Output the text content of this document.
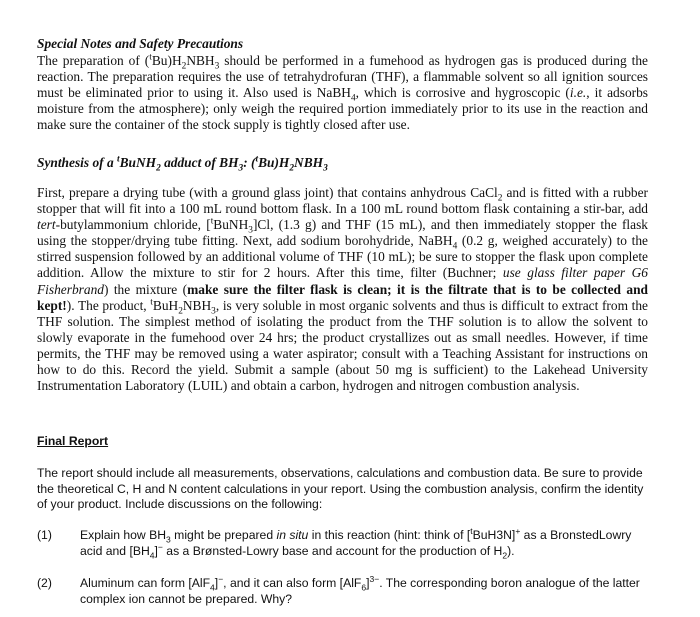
Special Notes and Safety Precautions
The preparation of $(^tBu)H_2NBH_3$ should be performed in a fumehood as hydrogen gas is produced during the reaction. The preparation requires the use of tetrahydrofuran (THF), a flammable solvent so all ignition sources must be eliminated prior to using it. Also used is NaBH$_4$, which is corrosive and hygroscopic (i.e., it adsorbs moisture from the atmosphere); only weigh the required portion immediately prior to its use in the reaction and make sure the container of the stock supply is tightly closed after use.
Synthesis of a $^t$BuNH$_2$ adduct of $BH_3$: $(^tBu)H_2NBH_3$
First, prepare a drying tube (with a ground glass joint) that contains anhydrous CaCl$_2$ and is fitted with a rubber stopper that will fit into a 100 mL round bottom flask. In a 100 mL round bottom flask containing a stir-bar, add tert-butylammonium chloride, [$^t$BuNH$_3$]Cl, (1.3 g) and THF (15 mL), and then immediately stopper the flask using the stopper/drying tube fitting. Next, add sodium borohydride, NaBH$_4$ (0.2 g, weighed accurately) to the stirred suspension followed by an additional volume of THF (10 mL); be sure to stopper the flask upon complete addition. Allow the mixture to stir for 2 hours. After this time, filter (Buchner; use glass filter paper G6 Fisherbrand) the mixture (make sure the filter flask is clean; it is the filtrate that is to be collected and kept!). The product, $^tBuH_2NBH_3$, is very soluble in most organic solvents and thus is difficult to extract from the THF solution. The simplest method of isolating the product from the THF solution is to allow the solvent to slowly evaporate in the fumehood over 24 hrs; the product crystallizes out as small needles. However, if time permits, the THF may be removed using a water aspirator; consult with a Teaching Assistant for instructions on how to do this. Record the yield. Submit a sample (about 50 mg is sufficient) to the Lakehead University Instrumentation Laboratory (LUIL) and obtain a carbon, hydrogen and nitrogen combustion analysis.
Final Report
The report should include all measurements, observations, calculations and combustion data. Be sure to provide the theoretical C, H and N content calculations in your report. Using the combustion analysis, confirm the identity of your product. Include discussions on the following:
(1) Explain how $BH_3$ might be prepared in situ in this reaction (hint: think of [$^t$BuH3N]+ as a BronstedLowry acid and $[BH_4]^-$ as a Brønsted-Lowry base and account for the production of $H_2$).
(2) Aluminum can form [AlF$_4$]−, and it can also form $[AlF_6]^{3-}$. The corresponding boron analogue of the latter complex ion cannot be prepared. Why?
